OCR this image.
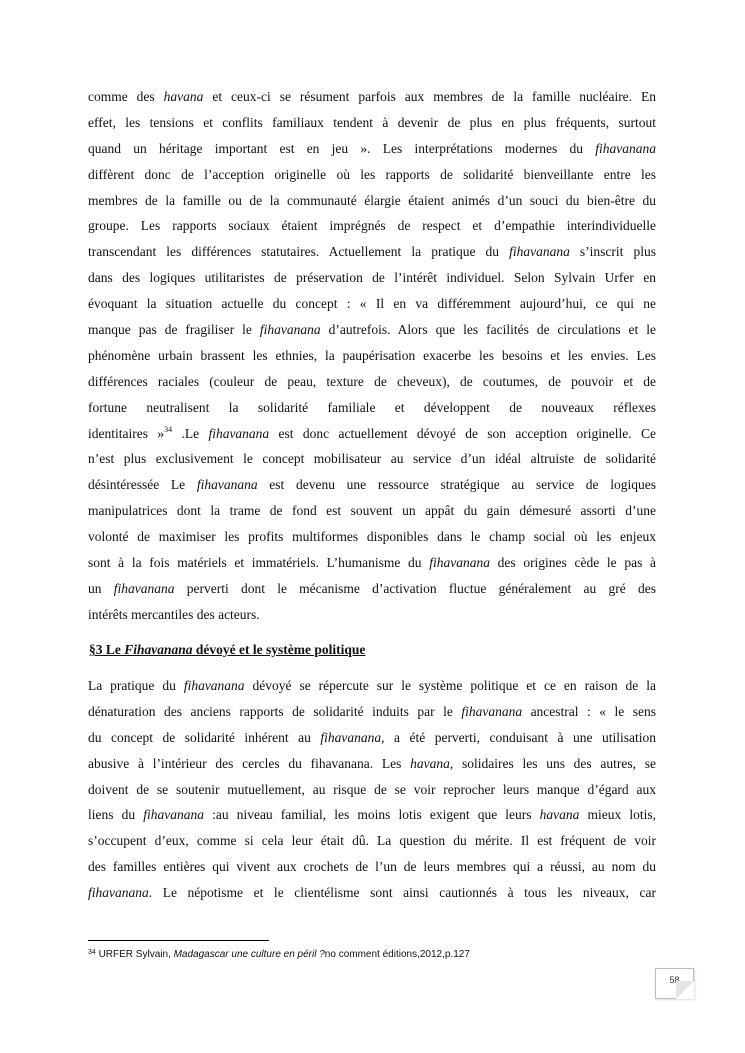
comme des havana et ceux-ci se résument parfois aux membres de la famille nucléaire. En
effet, les tensions et conflits familiaux tendent à devenir de plus en plus fréquents, surtout
quand un héritage important est en jeu ». Les interprétations modernes du fihavanana
diffèrent donc de l’acception originelle où les rapports de solidarité bienveillante entre les
membres de la famille ou de la communauté élargie étaient animés d’un souci du bien-être du
groupe. Les rapports sociaux étaient imprégnés de respect et d’empathie interindividuelle
transcendant les différences statutaires. Actuellement la pratique du fihavanana s’inscrit plus
dans des logiques utilitaristes de préservation de l’intérêt individuel. Selon Sylvain Urfer en
évoquant la situation actuelle du concept : « Il en va différemment aujourd’hui, ce qui ne
manque pas de fragiliser le fihavanana d’autrefois. Alors que les facilités de circulations et le
phénomène urbain brassent les ethnies, la paupérisation exacerbe les besoins et les envies. Les
différences raciales (couleur de peau, texture de cheveux), de coutumes, de pouvoir et de
fortune neutralisent la solidarité familiale et développent de nouveaux réflexes
identitaires »$^{34}$ .Le fihavanana est donc actuellement dévoyé de son acception originelle. Ce
n’est plus exclusivement le concept mobilisateur au service d’un idéal altruiste de solidarité
désintéressée Le fihavanana est devenu une ressource stratégique au service de logiques
manipulatrices dont la trame de fond est souvent un appât du gain démesuré assorti d’une
volonté de maximiser les profits multiformes disponibles dans le champ social où les enjeux
sont à la fois matériels et immatériels. L’humanisme du fihavanana des origines cède le pas à
un fihavanana perverti dont le mécanisme d’activation fluctue généralement au gré des
intérêts mercantiles des acteurs.
§3 Le Fihavanana dévoyé et le système politique
La pratique du fihavanana dévoyé se répercute sur le système politique et ce en raison de la
dénaturation des anciens rapports de solidarité induits par le fihavanana ancestral : « le sens
du concept de solidarité inhérent au fihavanana, a été perverti, conduisant à une utilisation
abusive à l’intérieur des cercles du fihavanana. Les havana, solidaires les uns des autres, se
doivent de se soutenir mutuellement, au risque de se voir reprocher leurs manque d’égard aux
liens du fihavanana :au niveau familial, les moins lotis exigent que leurs havana mieux lotis,
s’occupent d’eux, comme si cela leur était dû. La question du mérite. Il est fréquent de voir
des familles entières qui vivent aux crochets de l’un de leurs membres qui a réussi, au nom du
fihavanana. Le népotisme et le clientélisme sont ainsi cautionnés à tous les niveaux, car
$^{34}$ URFER Sylvain, Madagascar une culture en péril ?no comment éditions,2012,p.127
58
